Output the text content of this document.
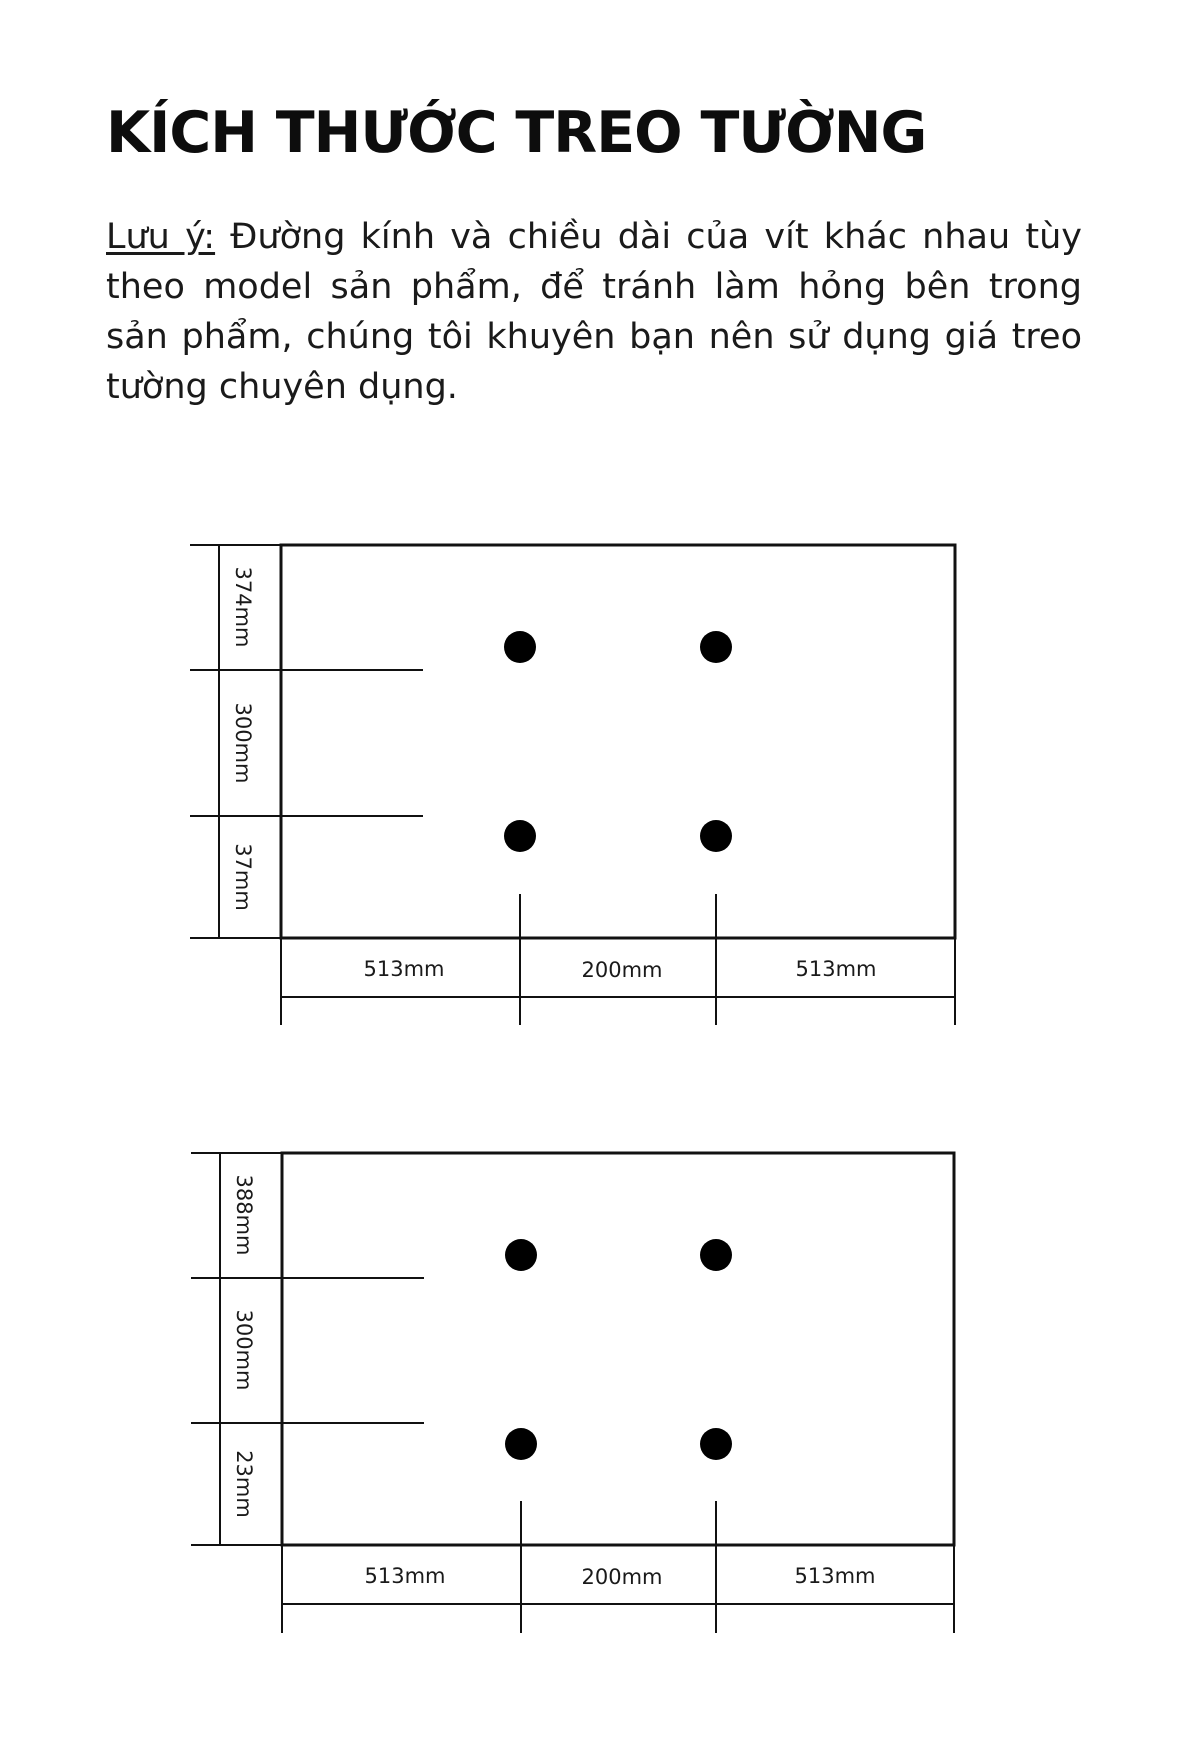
KÍCH THƯỚC TREO TƯỜNG

Lưu ý: Đường kính và chiều dài của vít khác nhau tùy theo model sản phẩm, để tránh làm hỏng bên trong sản phẩm, chúng tôi khuyên bạn nên sử dụng giá treo tường chuyên dụng.

374mm
300mm
37mm
513mm	200mm	513mm
388mm
300mm
23mm
513mm	200mm	513mm
